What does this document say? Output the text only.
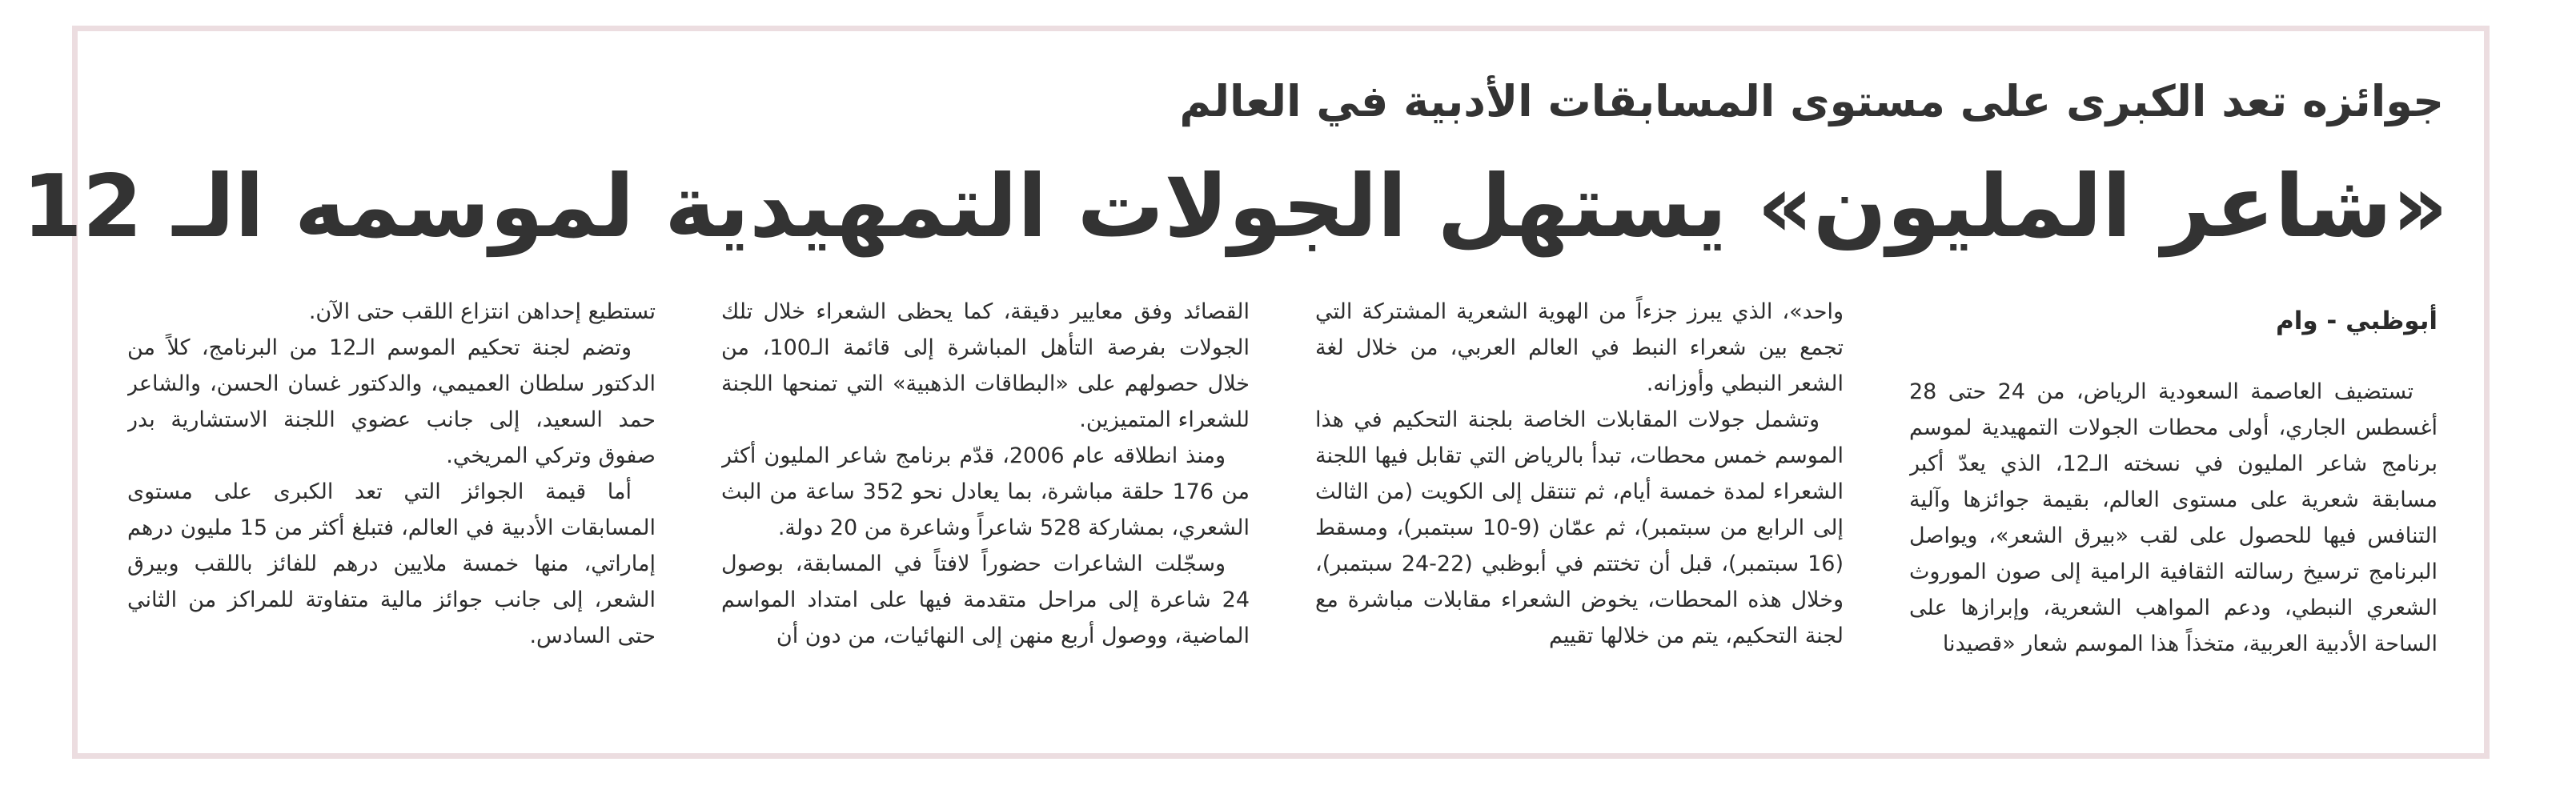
جوائزه تعد الكبرى على مستوى المسابقات الأدبية في العالم
«شاعر المليون» يستهل الجولات التمهيدية لموسمه الـ 12
أبوظبي - وام

تستضيف العاصمة السعودية الرياض، من 24 حتى 28 أغسطس الجاري، أولى محطات الجولات التمهيدية لموسم برنامج شاعر المليون في نسخته الـ12، الذي يعدّ أكبر مسابقة شعرية على مستوى العالم، بقيمة جوائزها وآلية التنافس فيها للحصول على لقب «بيرق الشعر»، ويواصل البرنامج ترسيخ رسالته الثقافية الرامية إلى صون الموروث الشعري النبطي، ودعم المواهب الشعرية، وإبرازها على الساحة الأدبية العربية، متخذاً هذا الموسم شعار «قصيدنا

واحد»، الذي يبرز جزءاً من الهوية الشعرية المشتركة التي تجمع بين شعراء النبط في العالم العربي، من خلال لغة الشعر النبطي وأوزانه.

وتشمل جولات المقابلات الخاصة بلجنة التحكيم في هذا الموسم خمس محطات، تبدأ بالرياض التي تقابل فيها اللجنة الشعراء لمدة خمسة أيام، ثم تنتقل إلى الكويت (من الثالث إلى الرابع من سبتمبر)، ثم عمّان (9-10 سبتمبر)، ومسقط (16 سبتمبر)، قبل أن تختتم في أبوظبي (22-24 سبتمبر)، وخلال هذه المحطات، يخوض الشعراء مقابلات مباشرة مع لجنة التحكيم، يتم من خلالها تقييم

القصائد وفق معايير دقيقة، كما يحظى الشعراء خلال تلك الجولات بفرصة التأهل المباشرة إلى قائمة الـ100، من خلال حصولهم على «البطاقات الذهبية» التي تمنحها اللجنة للشعراء المتميزين.

ومنذ انطلاقه عام 2006، قدّم برنامج شاعر المليون أكثر من 176 حلقة مباشرة، بما يعادل نحو 352 ساعة من البث الشعري، بمشاركة 528 شاعراً وشاعرة من 20 دولة.

وسجّلت الشاعرات حضوراً لافتاً في المسابقة، بوصول 24 شاعرة إلى مراحل متقدمة فيها على امتداد المواسم الماضية، ووصول أربع منهن إلى النهائيات، من دون أن

تستطيع إحداهن انتزاع اللقب حتى الآن.

وتضم لجنة تحكيم الموسم الـ12 من البرنامج، كلاً من الدكتور سلطان العميمي، والدكتور غسان الحسن، والشاعر حمد السعيد، إلى جانب عضوي اللجنة الاستشارية بدر صفوق وتركي المريخي.

أما قيمة الجوائز التي تعد الكبرى على مستوى المسابقات الأدبية في العالم، فتبلغ أكثر من 15 مليون درهم إماراتي، منها خمسة ملايين درهم للفائز باللقب وبيرق الشعر، إلى جانب جوائز مالية متفاوتة للمراكز من الثاني حتى السادس.
